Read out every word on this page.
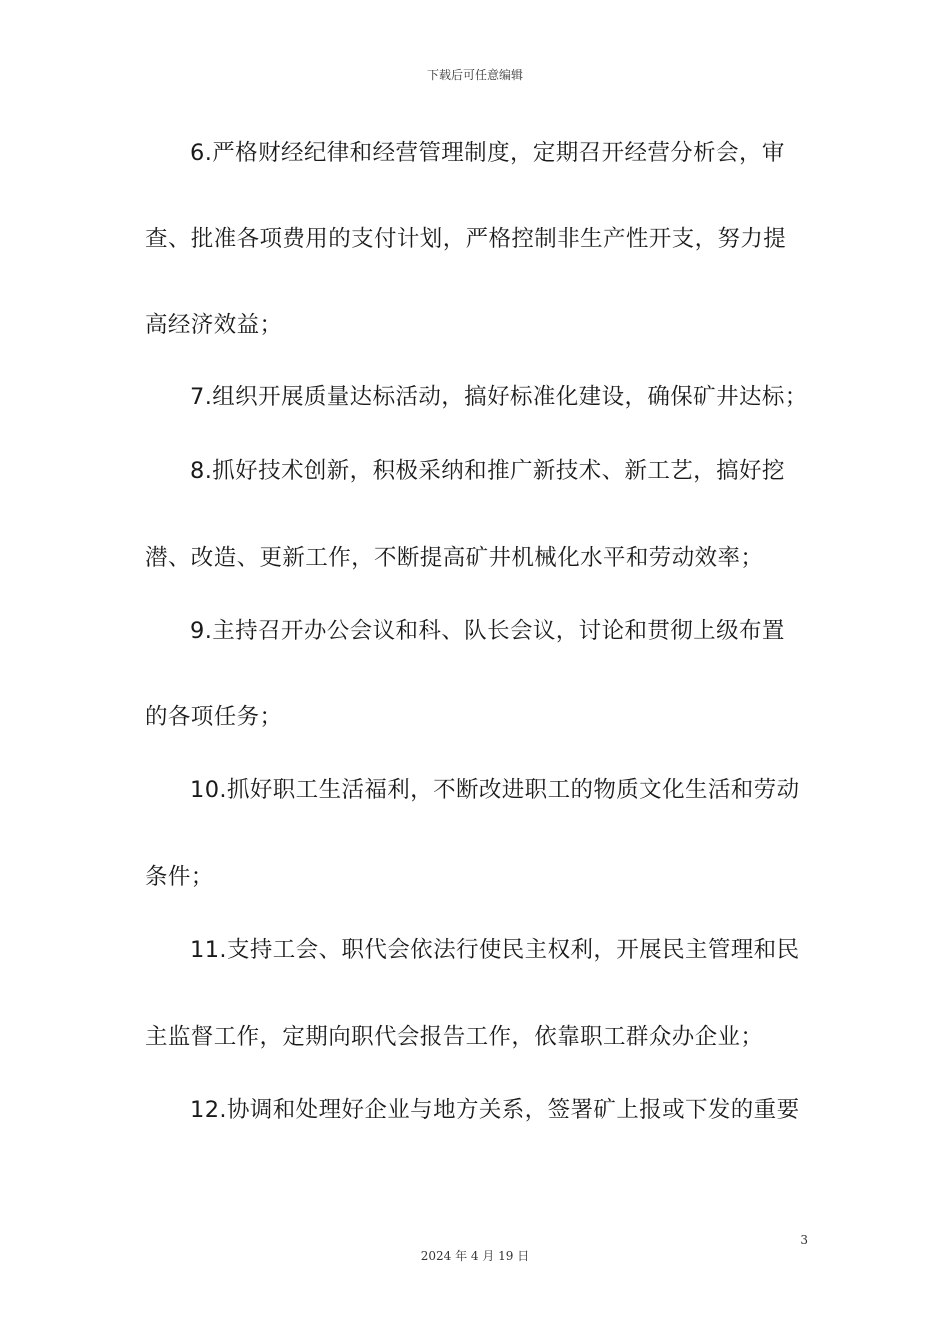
下载后可任意编辑
6.严格财经纪律和经营管理制度，定期召开经营分析会，审
查、批准各项费用的支付计划，严格控制非生产性开支，努力提
高经济效益；
7.组织开展质量达标活动，搞好标准化建设，确保矿井达标；
8.抓好技术创新，积极采纳和推广新技术、新工艺，搞好挖
潜、改造、更新工作，不断提高矿井机械化水平和劳动效率；
9.主持召开办公会议和科、队长会议，讨论和贯彻上级布置
的各项任务；
10.抓好职工生活福利，不断改进职工的物质文化生活和劳动
条件；
11.支持工会、职代会依法行使民主权利，开展民主管理和民
主监督工作，定期向职代会报告工作，依靠职工群众办企业；
12.协调和处理好企业与地方关系，签署矿上报或下发的重要
3
2024 年 4 月 19 日
